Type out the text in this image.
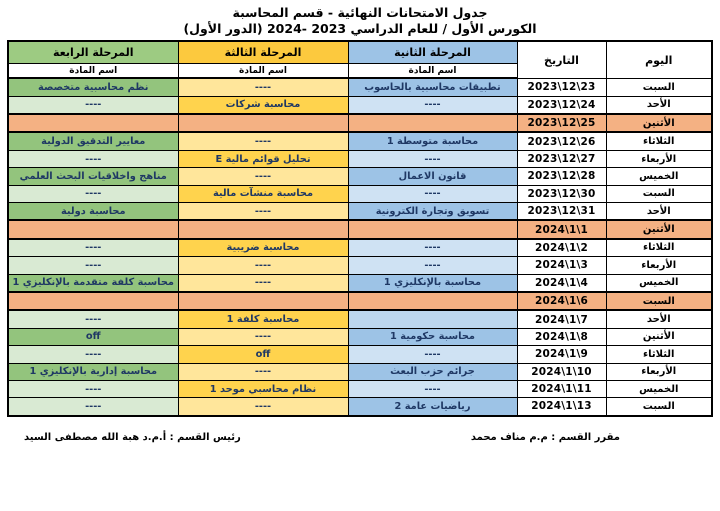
جدول الامتحانات النهائية - قسم المحاسبة
الكورس الأول / للعام الدراسي 2023 -2024 (الدور الأول)
اليوم	التاريخ	المرحلة الثانية	المرحلة الثالثة	المرحلة الرابعة
		اسم المادة	اسم المادة	اسم المادة
السبت	2023\12\23	تطبيقات محاسبية بالحاسوب	----	نظم محاسبية متخصصة
الأحد	2023\12\24	----	محاسبة شركات	----
الأثنين	2023\12\25			
الثلاثاء	2023\12\26	محاسبة متوسطة 1	----	معايير التدقيق الدولية
الأربعاء	2023\12\27	----	تحليل قوائم مالية E	----
الخميس	2023\12\28	قانون الاعمال	----	مناهج واخلاقيات البحث العلمي
السبت	2023\12\30	----	محاسبة منشآت مالية	----
الأحد	2023\12\31	تسويق وتجارة الكترونية	----	محاسبة دولية
الأثنين	2024\1\1			
الثلاثاء	2024\1\2	----	محاسبة ضريبية	----
الأربعاء	2024\1\3	----	----	----
الخميس	2024\1\4	محاسبة بالإنكليزي 1	----	محاسبة كلفة متقدمة بالإنكليزي 1
السبت	2024\1\6			
الأحد	2024\1\7		محاسبة كلفة 1	----
الأثنين	2024\1\8	محاسبة حكومية 1	----	off
الثلاثاء	2024\1\9	----	off	----
الأربعاء	2024\1\10	جرائم حزب البعث	----	محاسبة إدارية بالإنكليزي 1
الخميس	2024\1\11	----	نظام محاسبي موحد 1	----
السبت	2024\1\13	رياضيات عامة 2	----	----
مقرر القسم : م.م مناف محمد
رئيس القسم : أ.م.د هبة الله مصطفى السيد
